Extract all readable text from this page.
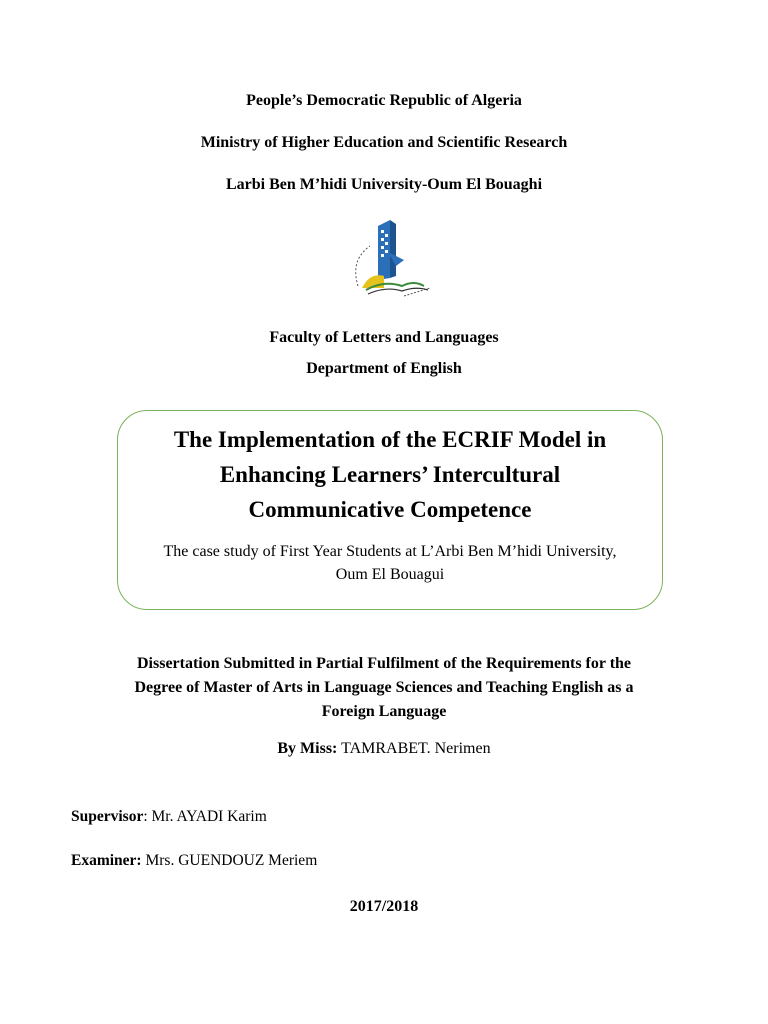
People’s Democratic Republic of Algeria
Ministry of Higher Education and Scientific Research
Larbi Ben M’hidi University-Oum El Bouaghi
Faculty of Letters and Languages
Department of English
The Implementation of the ECRIF Model in
Enhancing Learners’ Intercultural
Communicative Competence
The case study of First Year Students at L’Arbi Ben M’hidi University,
Oum El Bouagui
Dissertation Submitted in Partial Fulfilment of the Requirements for the
Degree of Master of Arts in Language Sciences and Teaching English as a
Foreign Language
By Miss: TAMRABET. Nerimen
Supervisor: Mr. AYADI Karim
Examiner: Mrs. GUENDOUZ Meriem
2017/2018
